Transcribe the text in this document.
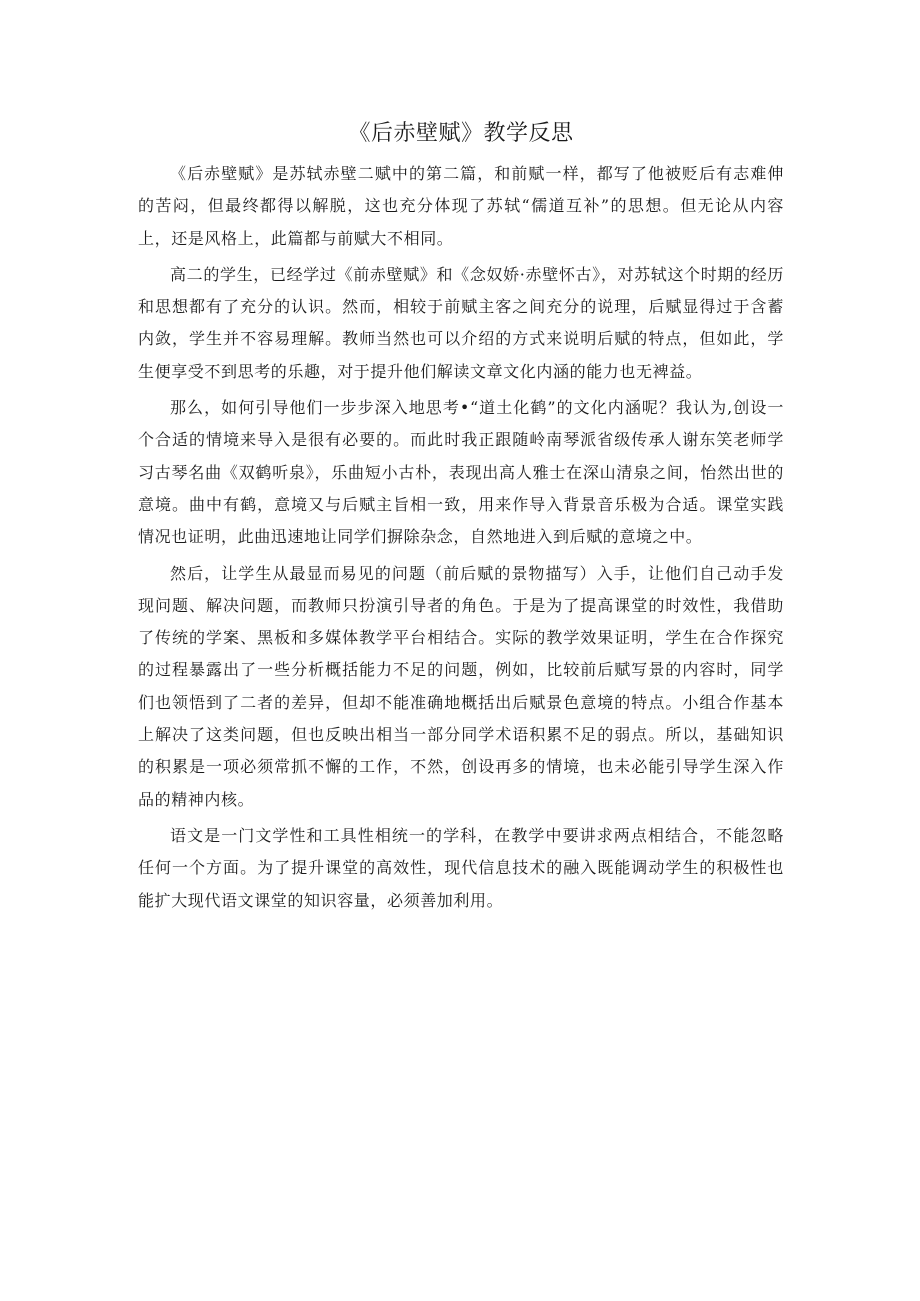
《后赤壁赋》教学反思

《后赤壁赋》是苏轼赤壁二赋中的第二篇，和前赋一样，都写了他被贬后有志难伸的苦闷，但最终都得以解脱，这也充分体现了苏轼“儒道互补”的思想。但无论从内容上，还是风格上，此篇都与前赋大不相同。

高二的学生，已经学过《前赤壁赋》和《念奴娇·赤壁怀古》，对苏轼这个时期的经历和思想都有了充分的认识。然而，相较于前赋主客之间充分的说理，后赋显得过于含蓄内敛，学生并不容易理解。教师当然也可以介绍的方式来说明后赋的特点，但如此，学生便享受不到思考的乐趣，对于提升他们解读文章文化内涵的能力也无裨益。

那么，如何引导他们一步步深入地思考•“道土化鹤”的文化内涵呢？我认为,创设一个合适的情境来导入是很有必要的。而此时我正跟随岭南琴派省级传承人谢东笑老师学习古琴名曲《双鹤听泉》，乐曲短小古朴，表现出高人雅士在深山清泉之间，怡然出世的意境。曲中有鹤，意境又与后赋主旨相一致，用来作导入背景音乐极为合适。课堂实践情况也证明，此曲迅速地让同学们摒除杂念，自然地进入到后赋的意境之中。

然后，让学生从最显而易见的问题（前后赋的景物描写）入手，让他们自己动手发现问题、解决问题，而教师只扮演引导者的角色。于是为了提高课堂的时效性，我借助了传统的学案、黑板和多媒体教学平台相结合。实际的教学效果证明，学生在合作探究的过程暴露出了一些分析概括能力不足的问题，例如，比较前后赋写景的内容时，同学们也领悟到了二者的差异，但却不能准确地概括出后赋景色意境的特点。小组合作基本上解决了这类问题，但也反映出相当一部分同学术语积累不足的弱点。所以，基础知识的积累是一项必须常抓不懈的工作，不然，创设再多的情境，也未必能引导学生深入作品的精神内核。

语文是一门文学性和工具性相统一的学科，在教学中要讲求两点相结合，不能忽略任何一个方面。为了提升课堂的高效性，现代信息技术的融入既能调动学生的积极性也能扩大现代语文课堂的知识容量，必须善加利用。
